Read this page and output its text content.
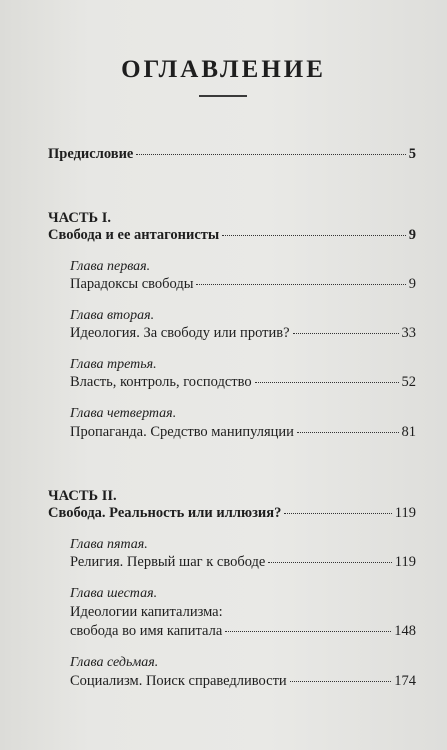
ОГЛАВЛЕНИЕ
Предисловие	5
ЧАСТЬ I.
Свобода и ее антагонисты	9
Глава первая.
Парадоксы свободы	9
Глава вторая.
Идеология. За свободу или против?	33
Глава третья.
Власть, контроль, господство	52
Глава четвертая.
Пропаганда. Средство манипуляции	81
ЧАСТЬ II.
Свобода. Реальность или иллюзия?	119
Глава пятая.
Религия. Первый шаг к свободе	119
Глава шестая.
Идеологии капитализма:
свобода во имя капитала	148
Глава седьмая.
Социализм. Поиск справедливости	174
